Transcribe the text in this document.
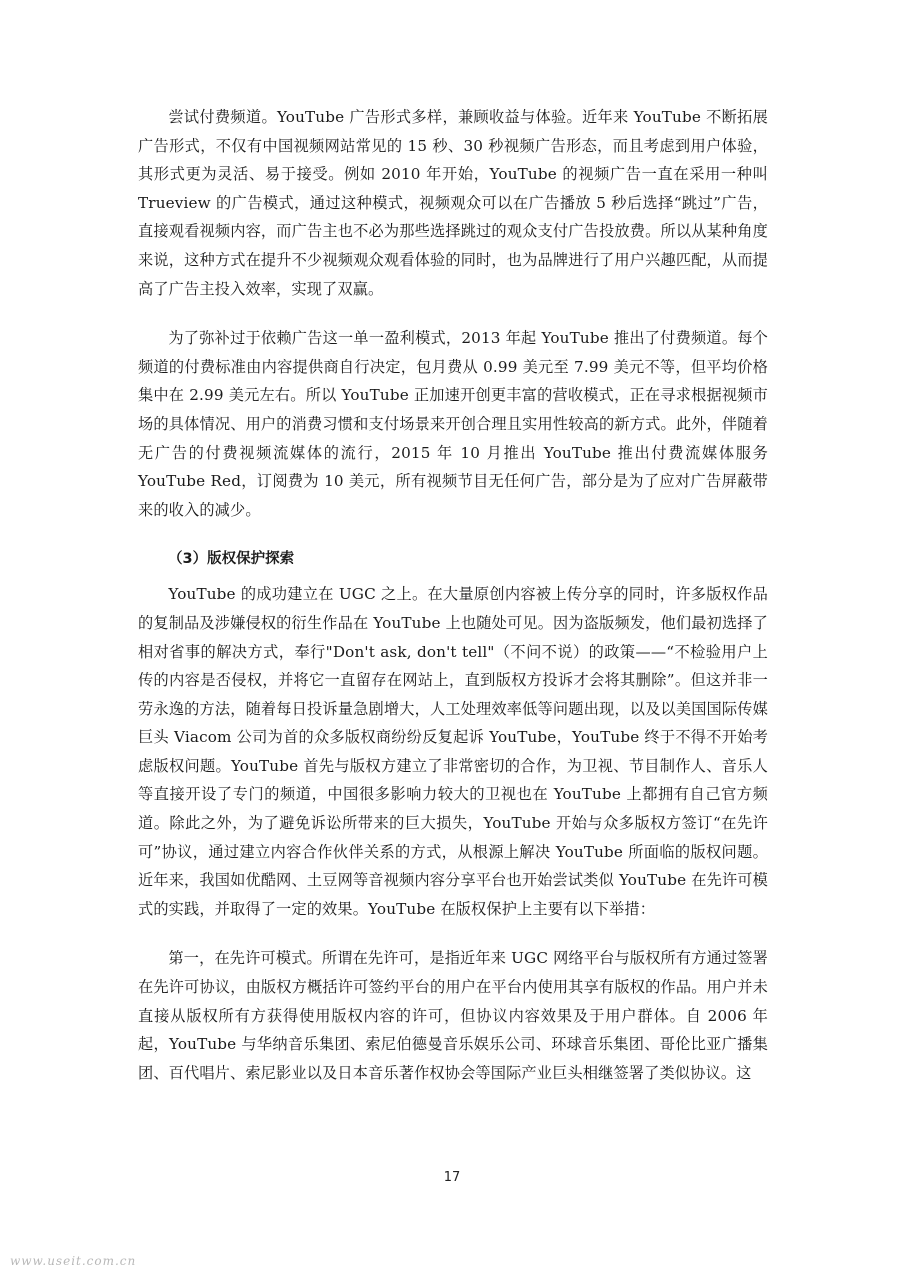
尝试付费频道。YouTube 广告形式多样，兼顾收益与体验。近年来 YouTube 不断拓展广告形式，不仅有中国视频网站常见的 15 秒、30 秒视频广告形态，而且考虑到用户体验，其形式更为灵活、易于接受。例如 2010 年开始，YouTube 的视频广告一直在采用一种叫 Trueview 的广告模式，通过这种模式，视频观众可以在广告播放 5 秒后选择“跳过”广告，直接观看视频内容，而广告主也不必为那些选择跳过的观众支付广告投放费。所以从某种角度来说，这种方式在提升不少视频观众观看体验的同时，也为品牌进行了用户兴趣匹配，从而提高了广告主投入效率，实现了双赢。

为了弥补过于依赖广告这一单一盈利模式，2013 年起 YouTube 推出了付费频道。每个频道的付费标准由内容提供商自行决定，包月费从 0.99 美元至 7.99 美元不等，但平均价格集中在 2.99 美元左右。所以 YouTube 正加速开创更丰富的营收模式，正在寻求根据视频市场的具体情况、用户的消费习惯和支付场景来开创合理且实用性较高的新方式。此外，伴随着无广告的付费视频流媒体的流行，2015 年 10 月推出 YouTube 推出付费流媒体服务 YouTube Red，订阅费为 10 美元，所有视频节目无任何广告，部分是为了应对广告屏蔽带来的收入的减少。

（3）版权保护探索

YouTube 的成功建立在 UGC 之上。在大量原创内容被上传分享的同时，许多版权作品的复制品及涉嫌侵权的衍生作品在 YouTube 上也随处可见。因为盗版频发，他们最初选择了相对省事的解决方式，奉行"Don't ask, don't tell"（不问不说）的政策——“不检验用户上传的内容是否侵权，并将它一直留存在网站上，直到版权方投诉才会将其删除”。但这并非一劳永逸的方法，随着每日投诉量急剧增大，人工处理效率低等问题出现，以及以美国国际传媒巨头 Viacom 公司为首的众多版权商纷纷反复起诉 YouTube，YouTube 终于不得不开始考虑版权问题。YouTube 首先与版权方建立了非常密切的合作，为卫视、节目制作人、音乐人等直接开设了专门的频道，中国很多影响力较大的卫视也在 YouTube 上都拥有自己官方频道。除此之外，为了避免诉讼所带来的巨大损失，YouTube 开始与众多版权方签订“在先许可”协议，通过建立内容合作伙伴关系的方式，从根源上解决 YouTube 所面临的版权问题。近年来，我国如优酷网、土豆网等音视频内容分享平台也开始尝试类似 YouTube 在先许可模式的实践，并取得了一定的效果。YouTube 在版权保护上主要有以下举措：

第一，在先许可模式。所谓在先许可，是指近年来 UGC 网络平台与版权所有方通过签署在先许可协议，由版权方概括许可签约平台的用户在平台内使用其享有版权的作品。用户并未直接从版权所有方获得使用版权内容的许可，但协议内容效果及于用户群体。自 2006 年起，YouTube 与华纳音乐集团、索尼伯德曼音乐娱乐公司、环球音乐集团、哥伦比亚广播集团、百代唱片、索尼影业以及日本音乐著作权协会等国际产业巨头相继签署了类似协议。这

17
www.useit.com.cn
